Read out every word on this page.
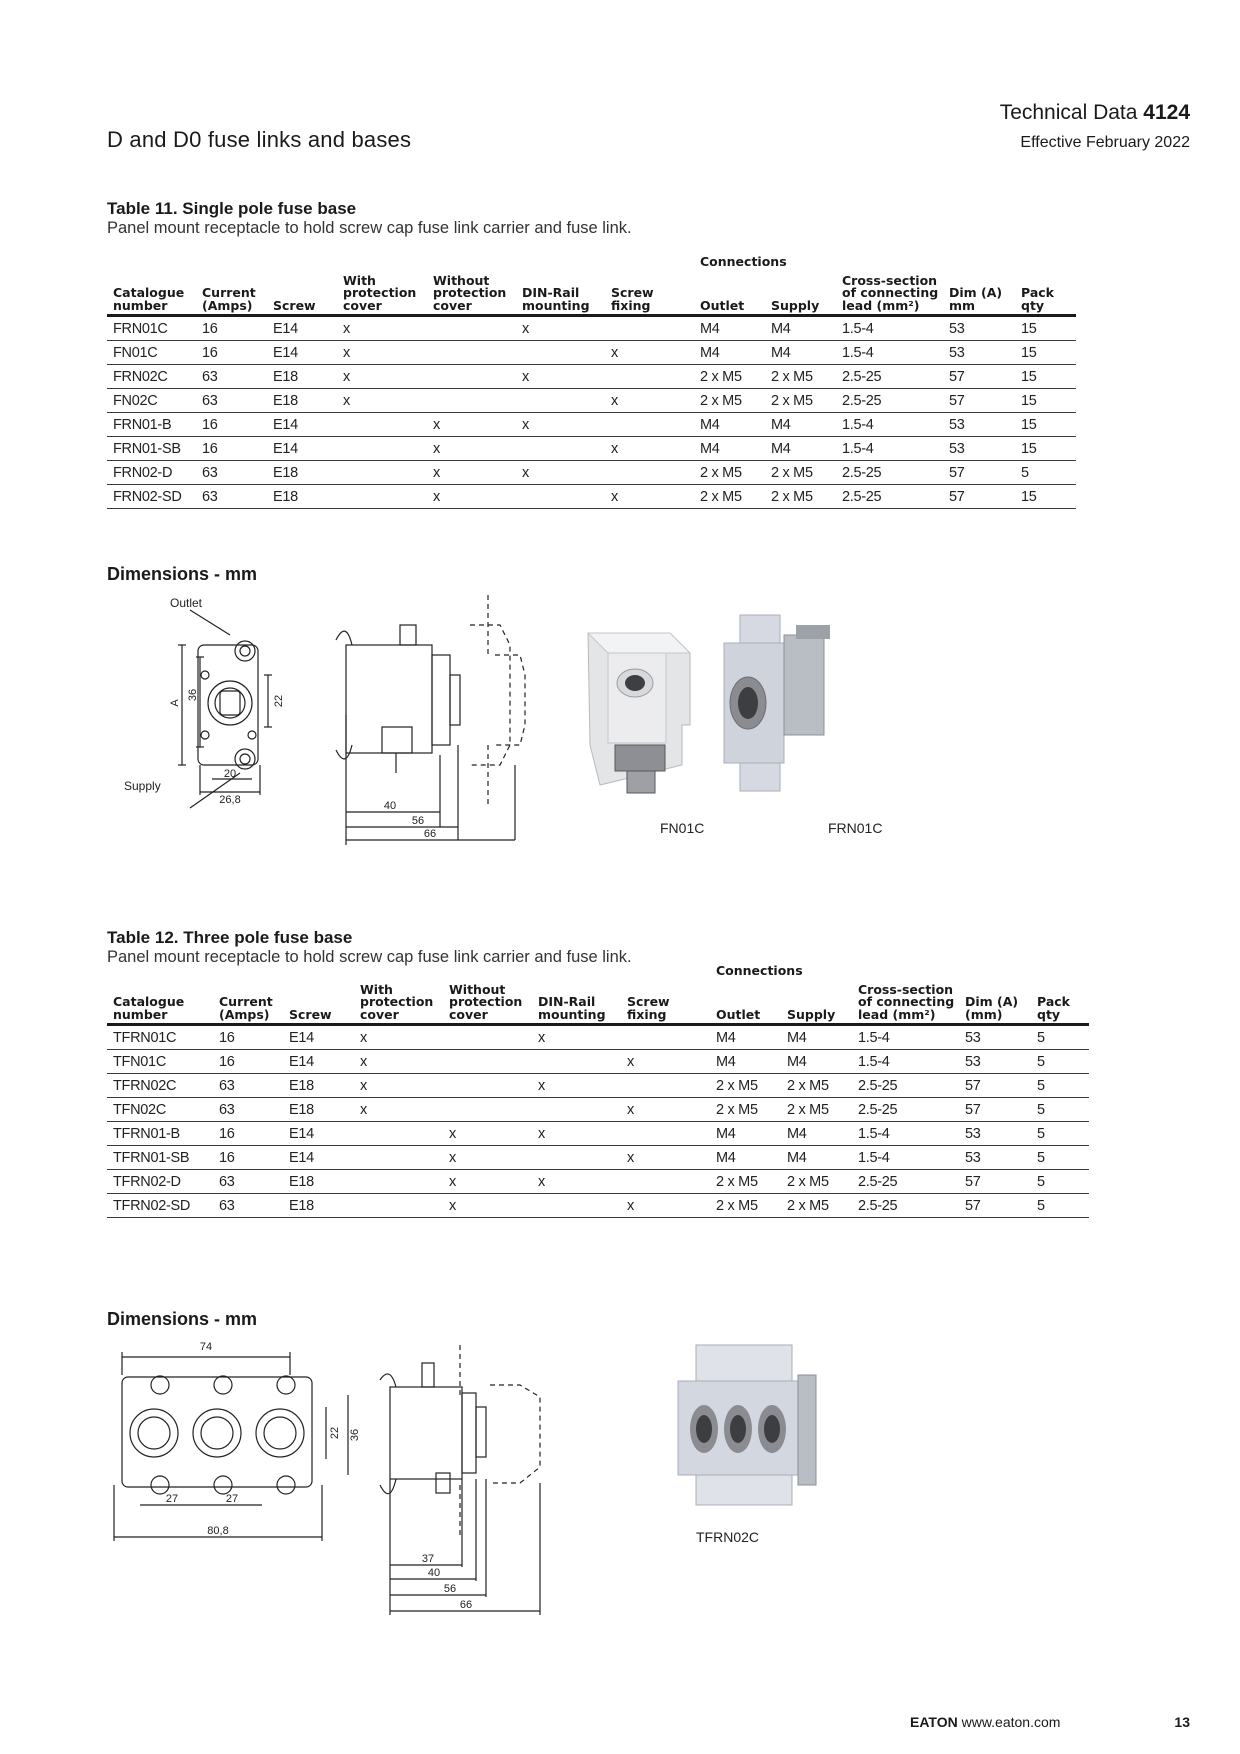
D and D0 fuse links and bases
Technical Data 4124
Effective February 2022
Table 11. Single pole fuse base
Panel mount receptacle to hold screw cap fuse link carrier and fuse link.
							Connections				
Catalogue number	Current (Amps)	Screw	With protection cover	Without protection cover	DIN-Rail mounting	Screw fixing	Outlet	Supply	Cross-section of connecting lead (mm²)	Dim (A) mm	Pack qty
FRN01C	16	E14	x		x		M4	M4	1.5-4	53	15
FN01C	16	E14	x			x	M4	M4	1.5-4	53	15
FRN02C	63	E18	x		x		2 x M5	2 x M5	2.5-25	57	15
FN02C	63	E18	x			x	2 x M5	2 x M5	2.5-25	57	15
FRN01-B	16	E14		x	x		M4	M4	1.5-4	53	15
FRN01-SB	16	E14		x		x	M4	M4	1.5-4	53	15
FRN02-D	63	E18		x	x		2 x M5	2 x M5	2.5-25	57	5
FRN02-SD	63	E18		x		x	2 x M5	2 x M5	2.5-25	57	15
Dimensions - mm
Outlet
Supply
A
36	22
20
26,8	40
56
66	FN01C	FRN01C
Table 12. Three pole fuse base
Panel mount receptacle to hold screw cap fuse link carrier and fuse link.
							Connections				
Catalogue number	Current (Amps)	Screw	With protection cover	Without protection cover	DIN-Rail mounting	Screw fixing	Outlet	Supply	Cross-section of connecting lead (mm²)	Dim (A) (mm)	Pack qty
TFRN01C	16	E14	x		x		M4	M4	1.5-4	53	5
TFN01C	16	E14	x			x	M4	M4	1.5-4	53	5
TFRN02C	63	E18	x		x		2 x M5	2 x M5	2.5-25	57	5
TFN02C	63	E18	x			x	2 x M5	2 x M5	2.5-25	57	5
TFRN01-B	16	E14		x	x		M4	M4	1.5-4	53	5
TFRN01-SB	16	E14		x		x	M4	M4	1.5-4	53	5
TFRN02-D	63	E18		x	x		2 x M5	2 x M5	2.5-25	57	5
TFRN02-SD	63	E18		x		x	2 x M5	2 x M5	2.5-25	57	5
Dimensions - mm
74
27	27
80,8
22 36
37
40
56
66
TFRN02C
EATON www.eaton.com	13
